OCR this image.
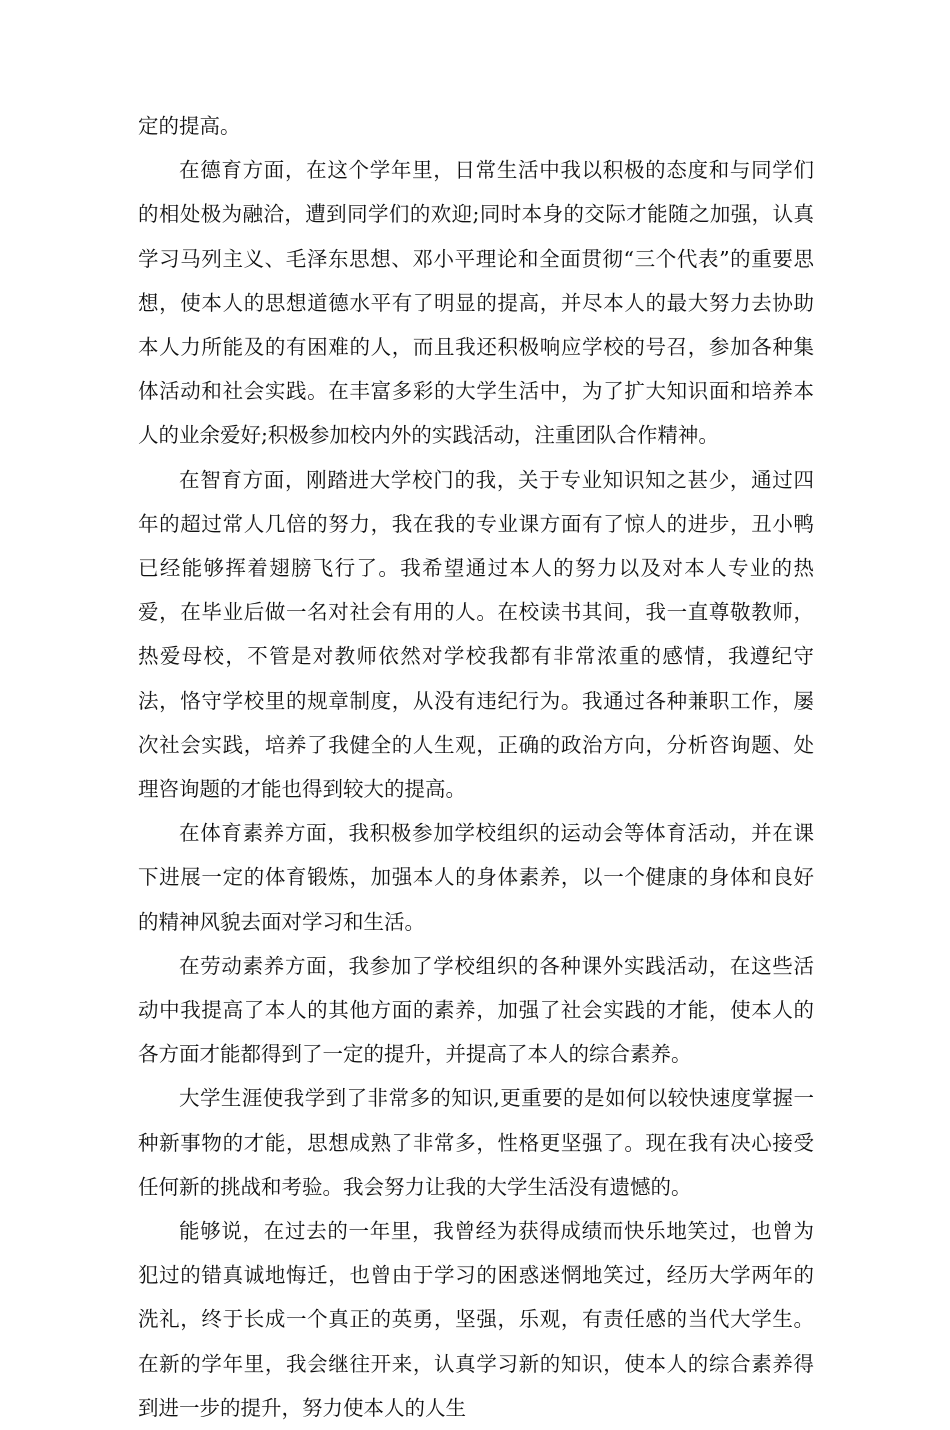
定的提高。

在德育方面，在这个学年里，日常生活中我以积极的态度和与同学们的相处极为融洽，遭到同学们的欢迎;同时本身的交际才能随之加强，认真学习马列主义、毛泽东思想、邓小平理论和全面贯彻“三个代表”的重要思想，使本人的思想道德水平有了明显的提高，并尽本人的最大努力去协助本人力所能及的有困难的人，而且我还积极响应学校的号召，参加各种集体活动和社会实践。在丰富多彩的大学生活中，为了扩大知识面和培养本人的业余爱好;积极参加校内外的实践活动，注重团队合作精神。

在智育方面，刚踏进大学校门的我，关于专业知识知之甚少，通过四年的超过常人几倍的努力，我在我的专业课方面有了惊人的进步，丑小鸭已经能够挥着翅膀飞行了。我希望通过本人的努力以及对本人专业的热爱，在毕业后做一名对社会有用的人。在校读书其间，我一直尊敬教师，热爱母校，不管是对教师依然对学校我都有非常浓重的感情，我遵纪守法，恪守学校里的规章制度，从没有违纪行为。我通过各种兼职工作，屡次社会实践，培养了我健全的人生观，正确的政治方向，分析咨询题、处理咨询题的才能也得到较大的提高。

在体育素养方面，我积极参加学校组织的运动会等体育活动，并在课下进展一定的体育锻炼，加强本人的身体素养，以一个健康的身体和良好的精神风貌去面对学习和生活。

在劳动素养方面，我参加了学校组织的各种课外实践活动，在这些活动中我提高了本人的其他方面的素养，加强了社会实践的才能，使本人的各方面才能都得到了一定的提升，并提高了本人的综合素养。

大学生涯使我学到了非常多的知识,更重要的是如何以较快速度掌握一种新事物的才能，思想成熟了非常多，性格更坚强了。现在我有决心接受任何新的挑战和考验。我会努力让我的大学生活没有遗憾的。

能够说，在过去的一年里，我曾经为获得成绩而快乐地笑过，也曾为犯过的错真诚地悔迁，也曾由于学习的困惑迷惘地笑过，经历大学两年的洗礼，终于长成一个真正的英勇，坚强，乐观，有责任感的当代大学生。在新的学年里，我会继往开来，认真学习新的知识，使本人的综合素养得到进一步的提升，努力使本人的人生
